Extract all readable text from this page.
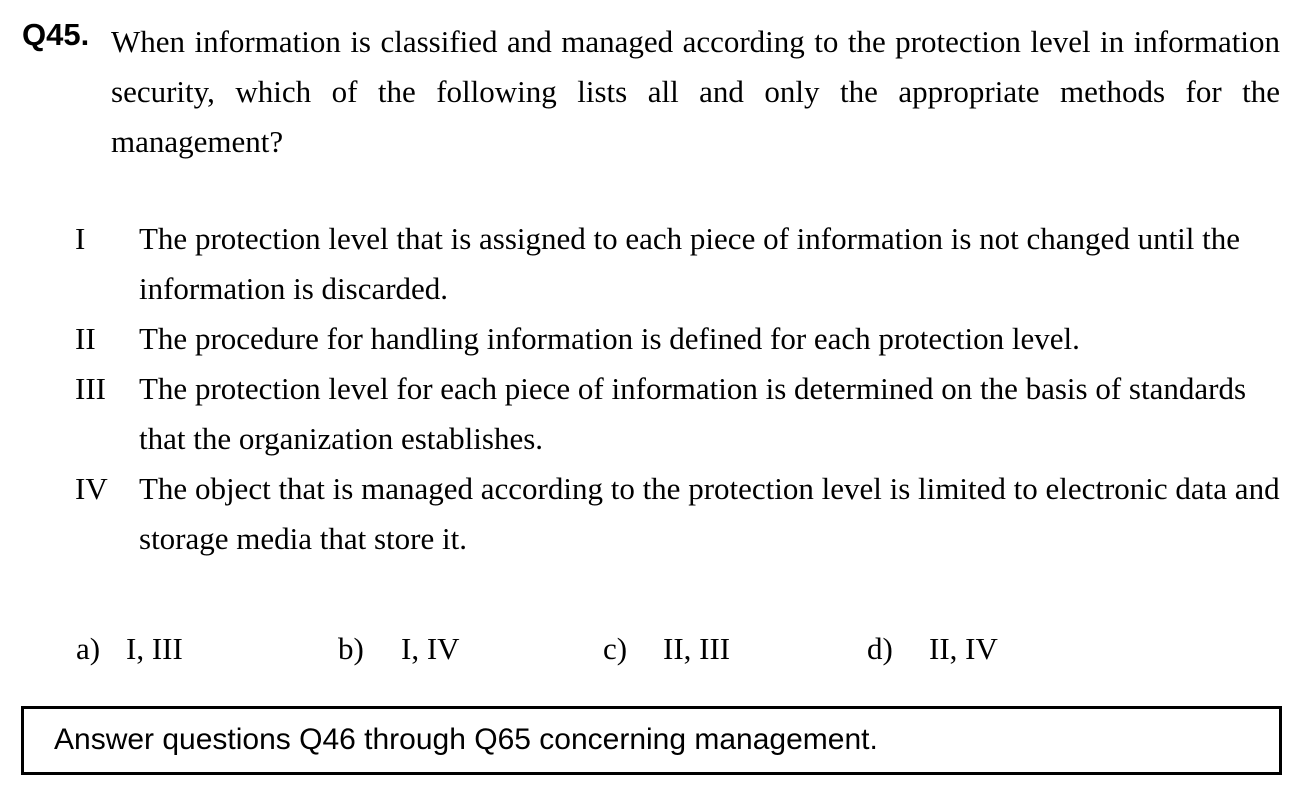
Q45. When information is classified and managed according to the protection level in information security, which of the following lists all and only the appropriate methods for the management?
I The protection level that is assigned to each piece of information is not changed until the information is discarded.
II The procedure for handling information is defined for each protection level.
III The protection level for each piece of information is determined on the basis of standards that the organization establishes.
IV The object that is managed according to the protection level is limited to electronic data and storage media that store it.
a) I, III	b) I, IV	c) II, III	d) II, IV
Answer questions Q46 through Q65 concerning management.
